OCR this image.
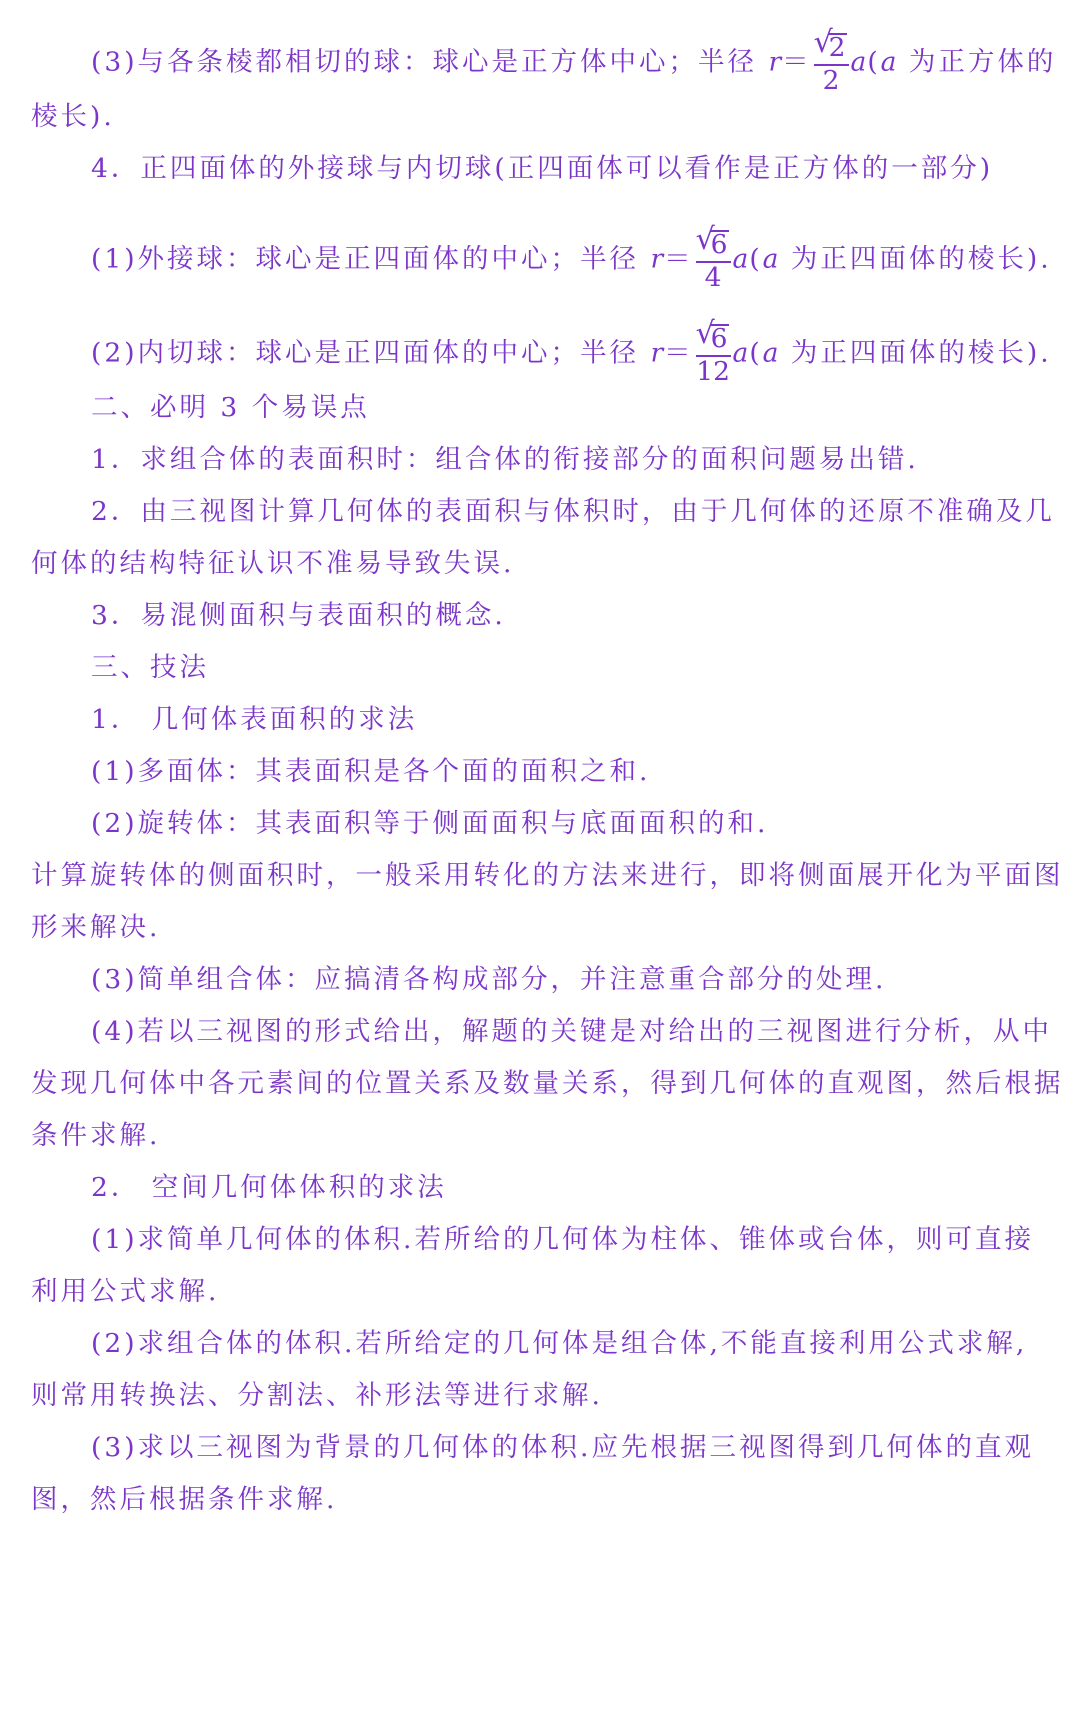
(3)与各条棱都相切的球：球心是正方体中心；半径 r＝ √
2
2 a(a 为正方体的
棱长).
4．正四面体的外接球与内切球(正四面体可以看作是正方体的一部分)
(1)外接球：球心是正四面体的中心；半径 r＝ √
6
4 a(a 为正四面体的棱长).
(2)内切球：球心是正四面体的中心；半径 r＝ √
6
12 a(a 为正四面体的棱长).
二、必明 3 个易误点
1．求组合体的表面积时：组合体的衔接部分的面积问题易出错.
2．由三视图计算几何体的表面积与体积时，由于几何体的还原不准确及几
何体的结构特征认识不准易导致失误.
3．易混侧面积与表面积的概念.
三、技法
1． 几何体表面积的求法
(1)多面体：其表面积是各个面的面积之和.
(2)旋转体：其表面积等于侧面面积与底面面积的和.
计算旋转体的侧面积时，一般采用转化的方法来进行，即将侧面展开化为平面图
形来解决.
(3)简单组合体：应搞清各构成部分，并注意重合部分的处理.
(4)若以三视图的形式给出，解题的关键是对给出的三视图进行分析，从中
发现几何体中各元素间的位置关系及数量关系，得到几何体的直观图，然后根据
条件求解.
2． 空间几何体体积的求法
(1)求简单几何体的体积.若所给的几何体为柱体、锥体或台体，则可直接
利用公式求解.
(2)求组合体的体积.若所给定的几何体是组合体,不能直接利用公式求解,
则常用转换法、分割法、补形法等进行求解.
(3)求以三视图为背景的几何体的体积.应先根据三视图得到几何体的直观
图，然后根据条件求解.
